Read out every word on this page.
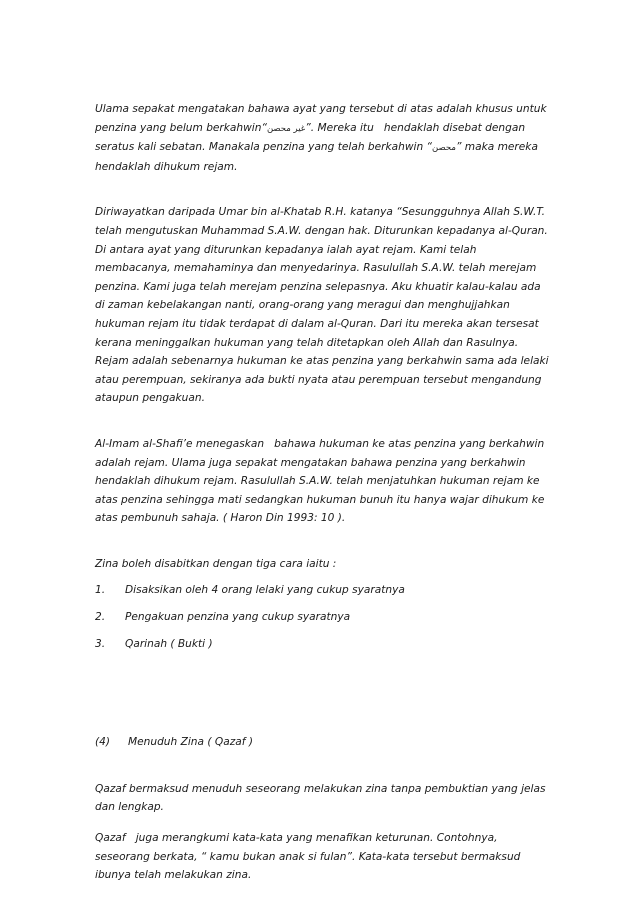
Ulama sepakat mengatakan bahawa ayat yang tersebut di atas adalah khusus untuk penzina yang belum berkahwin“غير محصن”. Mereka itu   hendaklah disebat dengan seratus kali sebatan. Manakala penzina yang telah berkahwin “محصن” maka mereka hendaklah dihukum rejam.

Diriwayatkan daripada Umar bin al-Khatab R.H. katanya “Sesungguhnya Allah S.W.T. telah mengutuskan Muhammad S.A.W. dengan hak. Diturunkan kepadanya al-Quran. Di antara ayat yang diturunkan kepadanya ialah ayat rejam. Kami telah membacanya, memahaminya dan menyedarinya. Rasulullah S.A.W. telah merejam penzina. Kami juga telah merejam penzina selepasnya. Aku khuatir kalau-kalau ada di zaman kebelakangan nanti, orang-orang yang meragui dan menghujjahkan hukuman rejam itu tidak terdapat di dalam al-Quran. Dari itu mereka akan tersesat kerana meninggalkan hukuman yang telah ditetapkan oleh Allah dan Rasulnya. Rejam adalah sebenarnya hukuman ke atas penzina yang berkahwin sama ada lelaki atau perempuan, sekiranya ada bukti nyata atau perempuan tersebut mengandung ataupun pengakuan.

Al-Imam al-Shafi’e menegaskan   bahawa hukuman ke atas penzina yang berkahwin adalah rejam. Ulama juga sepakat mengatakan bahawa penzina yang berkahwin hendaklah dihukum rejam. Rasulullah S.A.W. telah menjatuhkan hukuman rejam ke atas penzina sehingga mati sedangkan hukuman bunuh itu hanya wajar dihukum ke atas pembunuh sahaja. ( Haron Din 1993: 10 ).

Zina boleh disabitkan dengan tiga cara iaitu :

1.	Disaksikan oleh 4 orang lelaki yang cukup syaratnya
2.	Pengakuan penzina yang cukup syaratnya
3.	Qarinah ( Bukti )
(4)	Menuduh Zina ( Qazaf )

Qazaf bermaksud menuduh seseorang melakukan zina tanpa pembuktian yang jelas dan lengkap.

Qazaf   juga merangkumi kata-kata yang menafikan keturunan. Contohnya, seseorang berkata, “ kamu bukan anak si fulan”. Kata-kata tersebut bermaksud ibunya telah melakukan zina.
